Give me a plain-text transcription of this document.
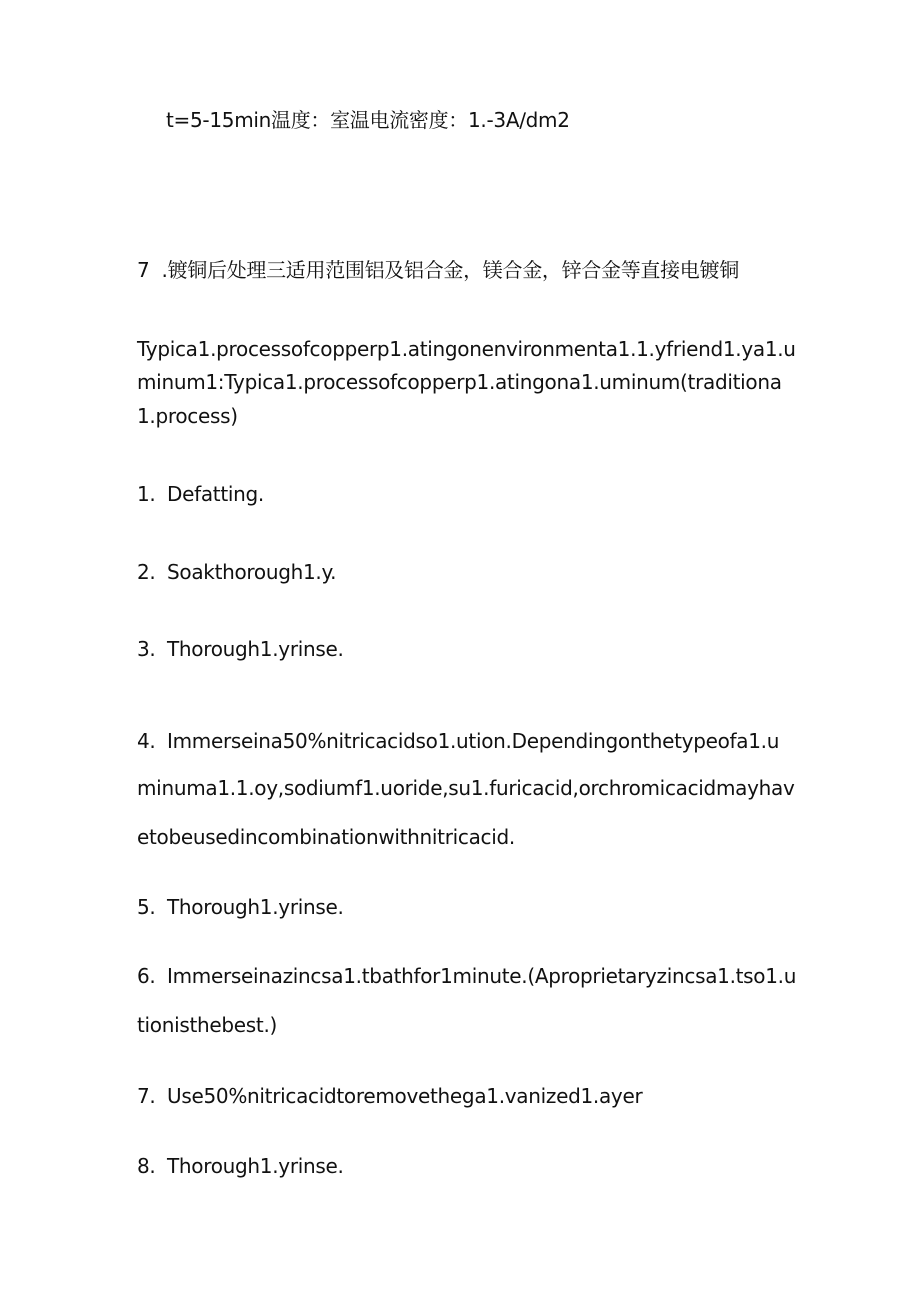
t=5-15min温度：室温电流密度：1.-3A∕dm2
7  .镀铜后处理三适用范围铝及铝合金，镁合金，锌合金等直接电镀铜
Typica1.processofcopperp1.atingonenvironmenta1.1.yfriend1.ya1.u
minum1:Typica1.processofcopperp1.atingona1.uminum(traditiona
1.process)
1. Defatting.
2. Soakthorough1.y.
3. Thorough1.yrinse.
4. Immerseina50%nitricacidso1.ution.Dependingonthetypeofa1.u
minuma1.1.oy,sodiumf1.uoride,su1.furicacid,orchromicacidmayhav
etobeusedincombinationwithnitricacid.
5. Thorough1.yrinse.
6. Immerseinazincsa1.tbathfor1minute.(Aproprietaryzincsa1.tso1.u
tionisthebest.)
7. Use50%nitricacidtoremovethega1.vanized1.ayer
8. Thorough1.yrinse.
